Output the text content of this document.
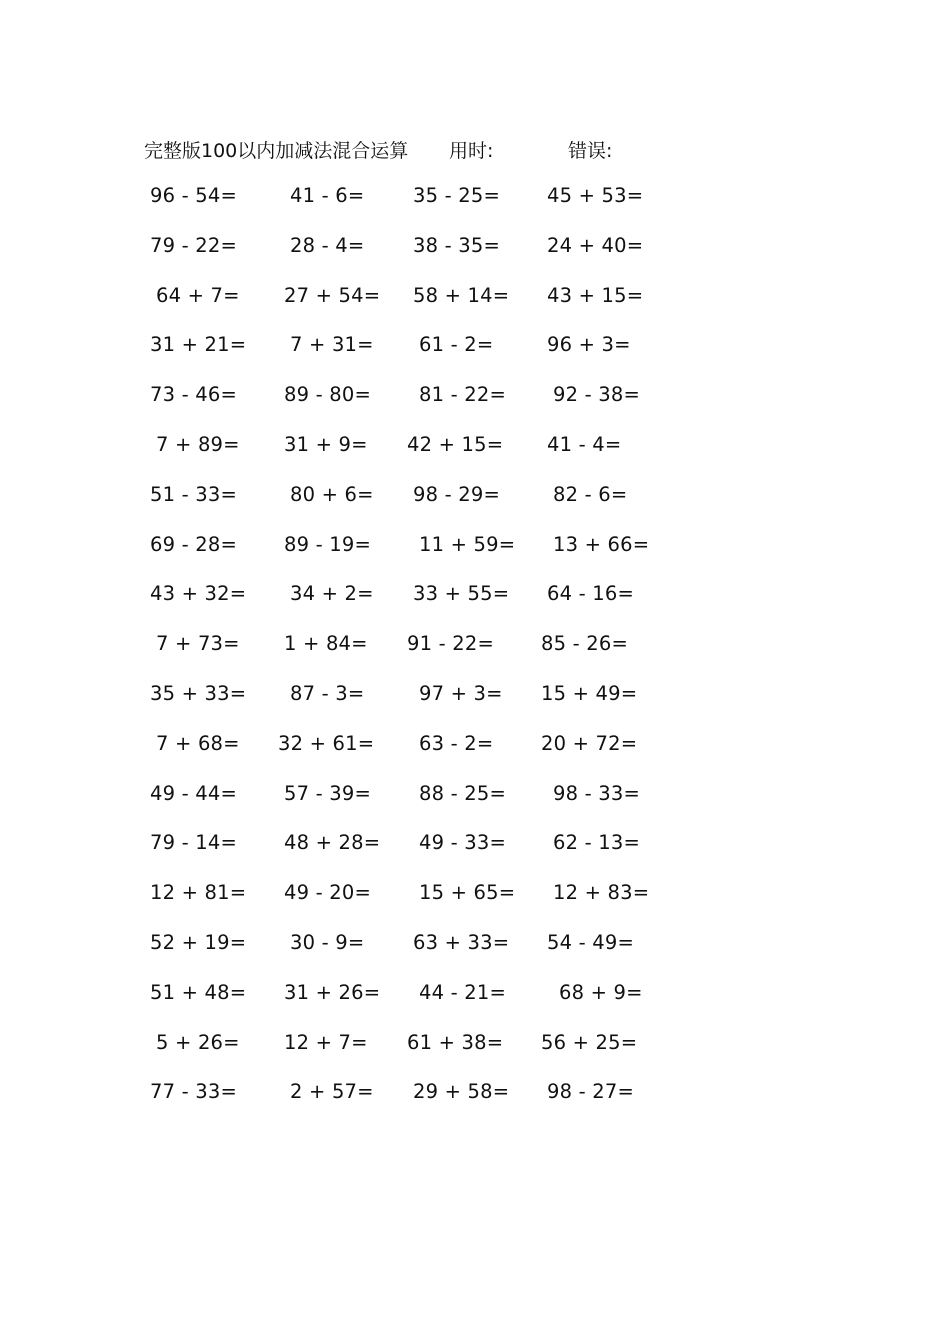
完整版100以内加减法混合运算 用时:	错误:
96 - 54=	41 - 6= 35 - 25= 45 + 53=
79 - 22=	28 - 4= 38 - 35= 24 + 40=
64 + 7= 27 + 54= 58 + 14= 43 + 15=
31 + 21= 7 + 31= 61 - 2=	96 + 3=
73 - 46= 89 - 80= 81 - 22= 92 - 38=
7 + 89= 31 + 9= 42 + 15= 41 - 4=
51 - 33=	80 + 6= 98 - 29=	82 - 6=
69 - 28= 89 - 19= 11 + 59= 13 + 66=
43 + 32= 34 + 2= 33 + 55= 64 - 16=
7 + 73= 1 + 84= 91 - 22= 85 - 26=
35 + 33= 87 - 3=	97 + 3= 15 + 49=
7 + 68= 32 + 61= 63 - 2= 20 + 72=
49 - 44= 57 - 39= 88 - 25= 98 - 33=
79 - 14= 48 + 28= 49 - 33= 62 - 13=
12 + 81= 49 - 20= 15 + 65= 12 + 83=
52 + 19= 30 - 9= 63 + 33= 54 - 49=
51 + 48= 31 + 26= 44 - 21=	68 + 9=
5 + 26= 12 + 7= 61 + 38= 56 + 25=
77 - 33=	2 + 57= 29 + 58= 98 - 27=
